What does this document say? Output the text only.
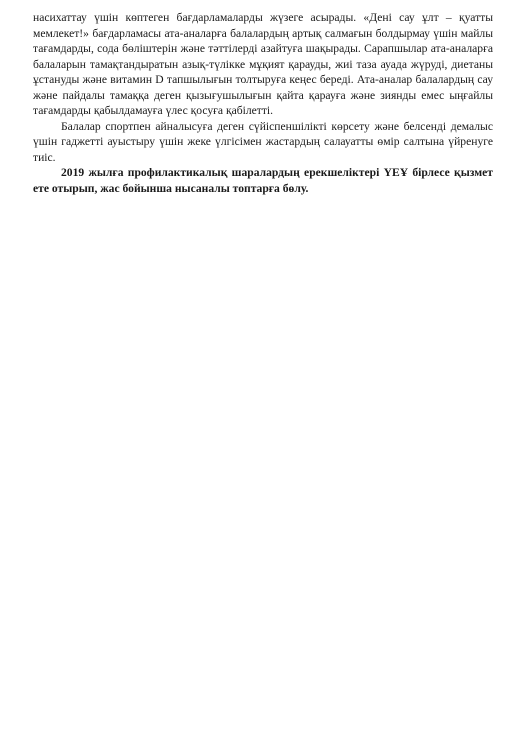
насихаттау үшін көптеген бағдарламаларды жүзеге асырады. «Дені сау ұлт – қуатты мемлекет!» бағдарламасы ата-аналарға балалардың артық салмағын болдырмау үшін майлы тағамдарды, сода бөліштерін және тәттілерді азайтуға шақырады. Сарапшылар ата-аналарға балаларын тамақтандыратын азық-түлікке мұқият қарауды, жиі таза ауада жүруді, диетаны ұстануды және витамин D тапшылығын толтыруға кеңес береді. Ата-аналар балалардың сау және пайдалы тамаққа деген қызығушылығын қайта қарауға және зиянды емес ыңғайлы тағамдарды қабылдамауға үлес қосуға қабілетті.

Балалар спортпен айналысуға деген сүйіспеншілікті көрсету және белсенді демалыс үшін гаджетті ауыстыру үшін жеке үлгісімен жастардың салауатты өмір салтына үйренуге тиіс.

2019 жылға профилактикалық шаралардың ерекшеліктері ҮЕҰ бірлесе қызмет ете отырып, жас бойынша нысаналы топтарға бөлу.
